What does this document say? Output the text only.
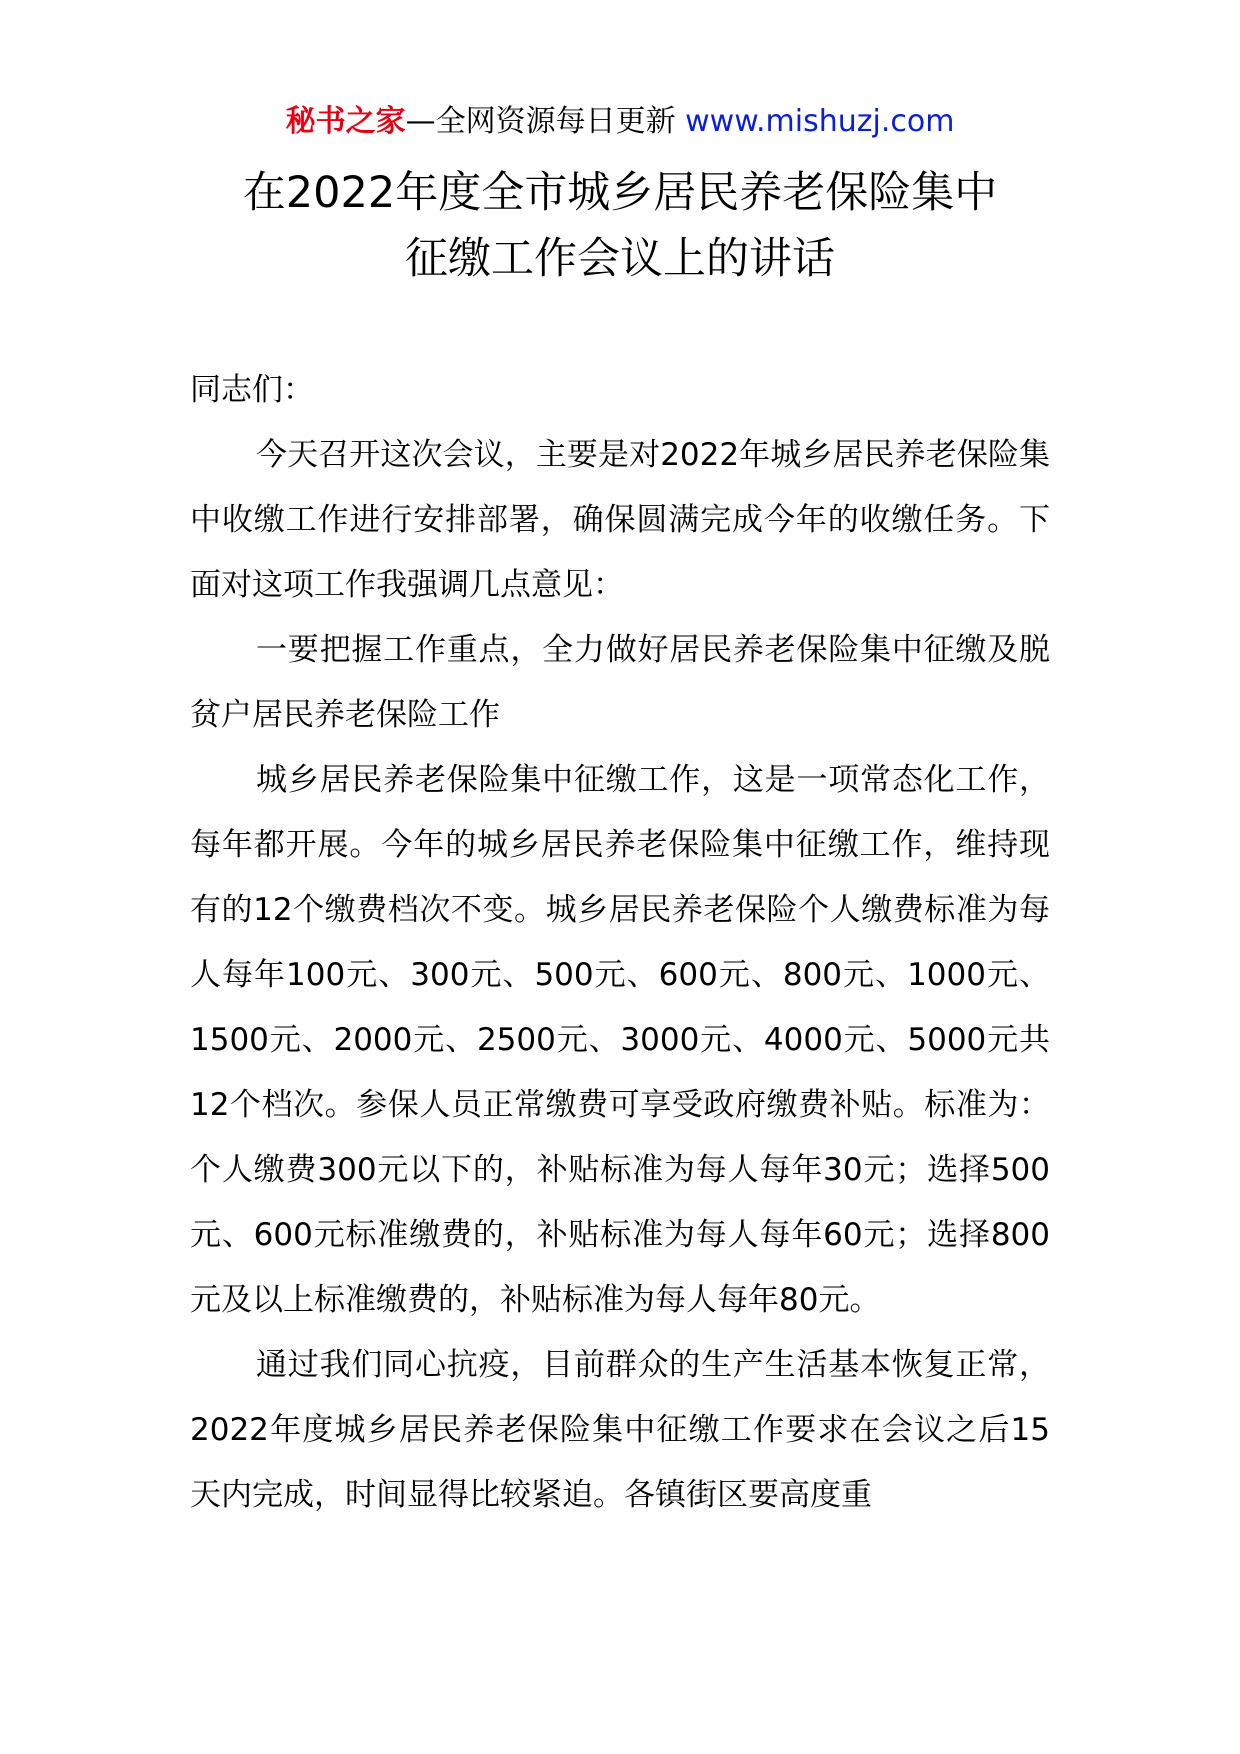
秘书之家—全网资源每日更新 www.mishuzj.com
在2022年度全市城乡居民养老保险集中
征缴工作会议上的讲话

同志们：

今天召开这次会议，主要是对2022年城乡居民养老保险集中收缴工作进行安排部署，确保圆满完成今年的收缴任务。下面对这项工作我强调几点意见：

一要把握工作重点，全力做好居民养老保险集中征缴及脱贫户居民养老保险工作

城乡居民养老保险集中征缴工作，这是一项常态化工作，每年都开展。今年的城乡居民养老保险集中征缴工作，维持现有的12个缴费档次不变。城乡居民养老保险个人缴费标准为每人每年100元、300元、500元、600元、800元、1000元、1500元、2000元、2500元、3000元、4000元、5000元共12个档次。参保人员正常缴费可享受政府缴费补贴。标准为：个人缴费300元以下的，补贴标准为每人每年30元；选择500元、600元标准缴费的，补贴标准为每人每年60元；选择800元及以上标准缴费的，补贴标准为每人每年80元。

通过我们同心抗疫，目前群众的生产生活基本恢复正常，2022年度城乡居民养老保险集中征缴工作要求在会议之后15天内完成，时间显得比较紧迫。各镇街区要高度重
